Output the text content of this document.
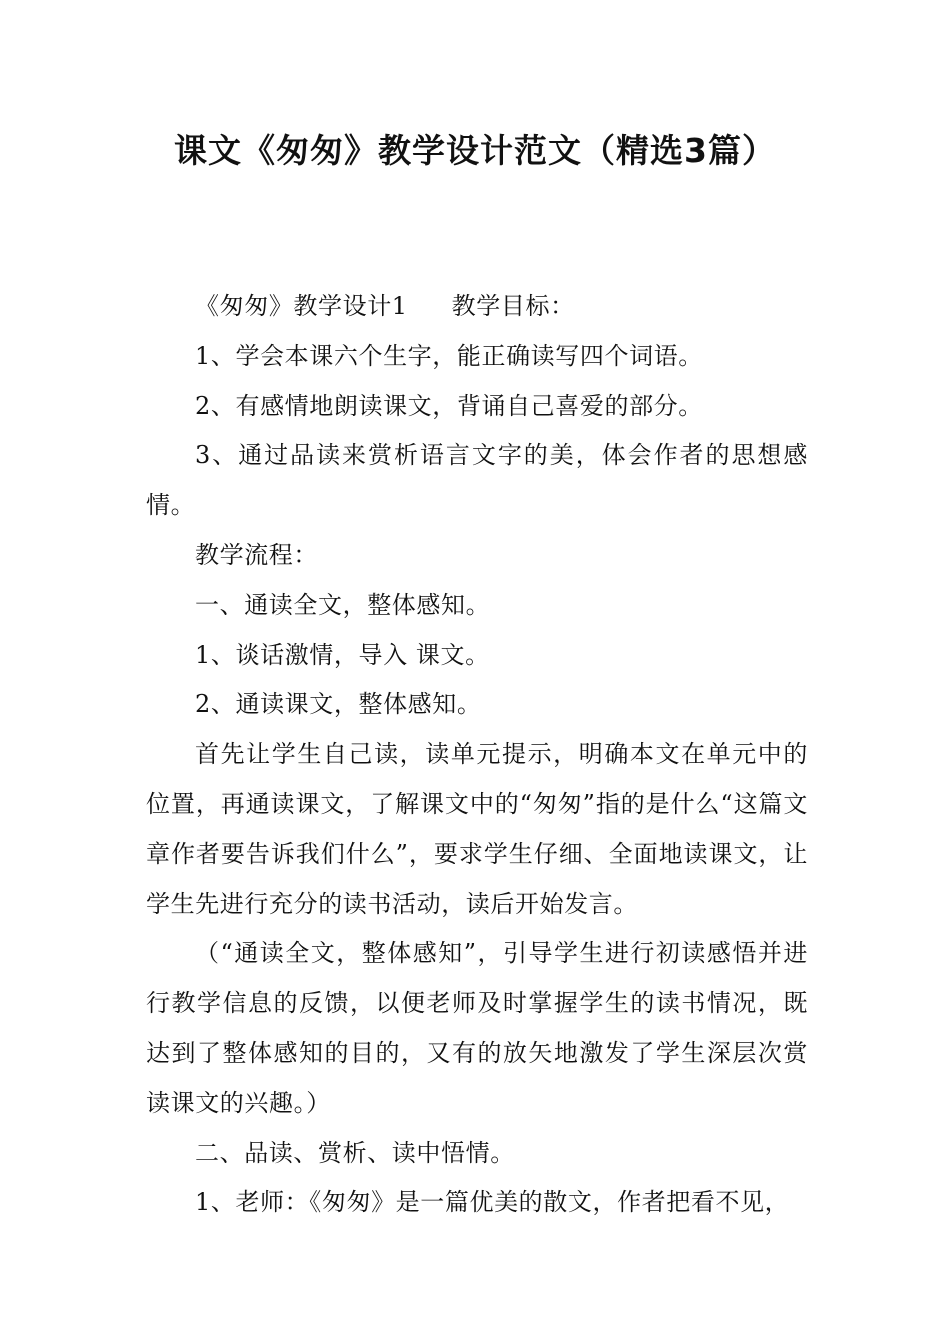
课文《匆匆》教学设计范文（精选3篇）

《匆匆》教学设计1 教学目标：

1、学会本课六个生字，能正确读写四个词语。

2、有感情地朗读课文，背诵自己喜爱的部分。

3、通过品读来赏析语言文字的美，体会作者的思想感情。

教学流程：

一、通读全文，整体感知。

1、谈话激情，导入 课文。

2、通读课文，整体感知。

首先让学生自己读，读单元提示，明确本文在单元中的位置，再通读课文，了解课文中的“匆匆”指的是什么“这篇文章作者要告诉我们什么”，要求学生仔细、全面地读课文，让学生先进行充分的读书活动，读后开始发言。

（“通读全文，整体感知”，引导学生进行初读感悟并进行教学信息的反馈，以便老师及时掌握学生的读书情况，既达到了整体感知的目的，又有的放矢地激发了学生深层次赏读课文的兴趣。）

二、品读、赏析、读中悟情。

1、老师：《匆匆》是一篇优美的散文，作者把看不见，
